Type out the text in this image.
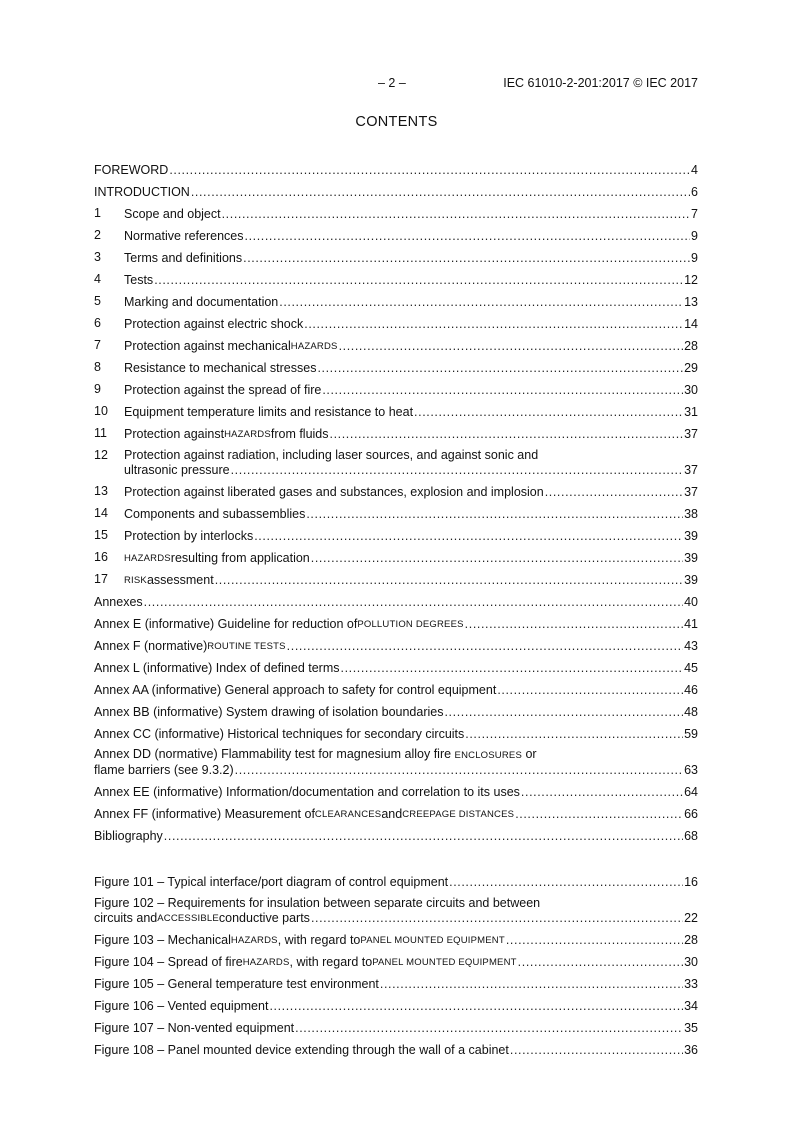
– 2 –	IEC 61010-2-201:2017 © IEC 2017
CONTENTS
FOREWORD .....	4
INTRODUCTION .....	6
1	Scope and object .....	7
2	Normative references .....	9
3	Terms and definitions .....	9
4	Tests .....	12
5	Marking and documentation .....	13
6	Protection against electric shock .....	14
7	Protection against mechanical HAZARDS .....	28
8	Resistance to mechanical stresses .....	29
9	Protection against the spread of fire .....	30
10	Equipment temperature limits and resistance to heat .....	31
11	Protection against HAZARDS from fluids .....	37
12	Protection against radiation, including laser sources, and against sonic and
ultrasonic pressure .....	37
13	Protection against liberated gases and substances, explosion and implosion .....	37
14	Components and subassemblies .....	38
15	Protection by interlocks .....	39
16	HAZARDS resulting from application .....	39
17	RISK assessment .....	39
Annexes .....	40
Annex E (informative) Guideline for reduction of POLLUTION DEGREES .....	41
Annex F (normative) ROUTINE TESTS .....	43
Annex L (informative) Index of defined terms .....	45
Annex AA (informative) General approach to safety for control equipment .....	46
Annex BB (informative) System drawing of isolation boundaries .....	48
Annex CC (informative) Historical techniques for secondary circuits .....	59
Annex DD (normative) Flammability test for magnesium alloy fire ENCLOSURES or
flame barriers (see 9.3.2) .....	63
Annex EE (informative) Information/documentation and correlation to its uses .....	64
Annex FF (informative) Measurement of CLEARANCES and CREEPAGE DISTANCES .....	66
Bibliography .....	68
Figure 101 – Typical interface/port diagram of control equipment .....	16
Figure 102 – Requirements for insulation between separate circuits and between
circuits and ACCESSIBLE conductive parts .....	22
Figure 103 – Mechanical HAZARDS , with regard to PANEL MOUNTED EQUIPMENT .....	28
Figure 104 – Spread of fire HAZARDS , with regard to PANEL MOUNTED EQUIPMENT .....	30
Figure 105 – General temperature test environment .....	33
Figure 106 – Vented equipment .....	34
Figure 107 – Non-vented equipment .....	35
Figure 108 – Panel mounted device extending through the wall of a cabinet .....	36
